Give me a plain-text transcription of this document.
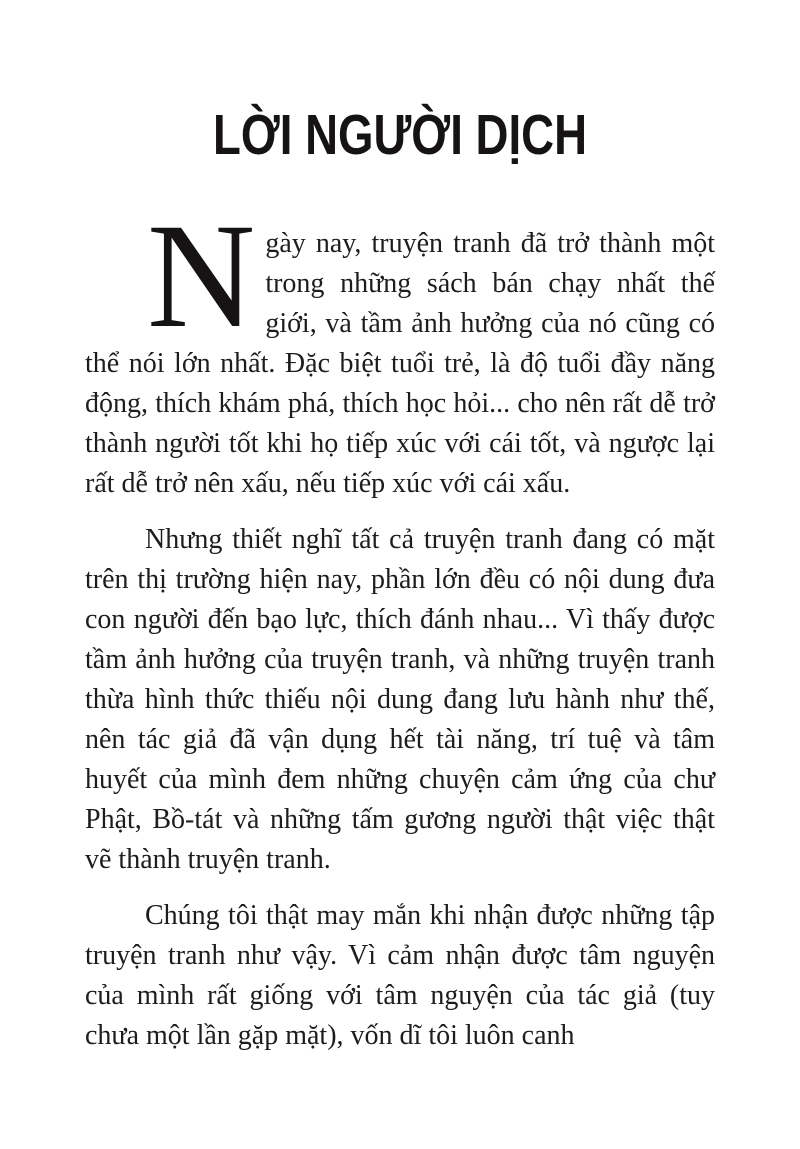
LỜI NGƯỜI DỊCH

Ngày nay, truyện tranh đã trở thành một trong những sách bán chạy nhất thế giới, và tầm ảnh hưởng của nó cũng có thể nói lớn nhất. Đặc biệt tuổi trẻ, là độ tuổi đầy năng động, thích khám phá, thích học hỏi... cho nên rất dễ trở thành người tốt khi họ tiếp xúc với cái tốt, và ngược lại rất dễ trở nên xấu, nếu tiếp xúc với cái xấu.

Nhưng thiết nghĩ tất cả truyện tranh đang có mặt trên thị trường hiện nay, phần lớn đều có nội dung đưa con người đến bạo lực, thích đánh nhau... Vì thấy được tầm ảnh hưởng của truyện tranh, và những truyện tranh thừa hình thức thiếu nội dung đang lưu hành như thế, nên tác giả đã vận dụng hết tài năng, trí tuệ và tâm huyết của mình đem những chuyện cảm ứng của chư Phật, Bồ-tát và những tấm gương người thật việc thật vẽ thành truyện tranh.

Chúng tôi thật may mắn khi nhận được những tập truyện tranh như vậy. Vì cảm nhận được tâm nguyện của mình rất giống với tâm nguyện của tác giả (tuy chưa một lần gặp mặt), vốn dĩ tôi luôn canh
